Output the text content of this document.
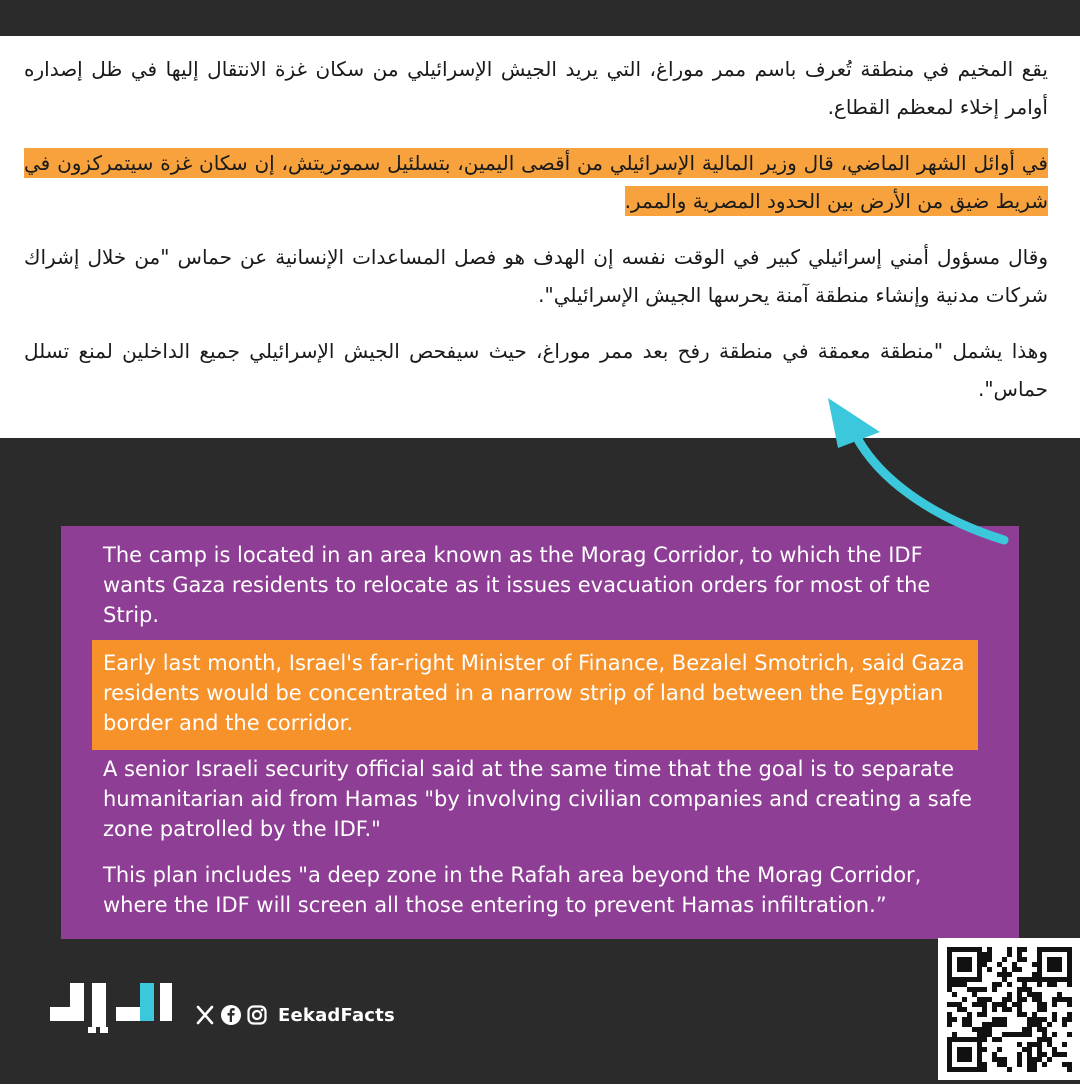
يقع المخيم في منطقة تُعرف باسم ممر موراغ، التي يريد الجيش الإسرائيلي من سكان غزة الانتقال إليها في ظل إصداره أوامر إخلاء لمعظم القطاع.

في أوائل الشهر الماضي، قال وزير المالية الإسرائيلي من أقصى اليمين، بتسلئيل سموتريتش، إن سكان غزة سيتمركزون في شريط ضيق من الأرض بين الحدود المصرية والممر.

وقال مسؤول أمني إسرائيلي كبير في الوقت نفسه إن الهدف هو فصل المساعدات الإنسانية عن حماس "من خلال إشراك شركات مدنية وإنشاء منطقة آمنة يحرسها الجيش الإسرائيلي".

وهذا يشمل "منطقة معمقة في منطقة رفح بعد ممر موراغ، حيث سيفحص الجيش الإسرائيلي جميع الداخلين لمنع تسلل حماس".

The camp is located in an area known as the Morag Corridor, to which the IDF wants Gaza residents to relocate as it issues evacuation orders for most of the Strip.

Early last month, Israel's far-right Minister of Finance, Bezalel Smotrich, said Gaza residents would be concentrated in a narrow strip of land between the Egyptian border and the corridor.

A senior Israeli security official said at the same time that the goal is to separate humanitarian aid from Hamas "by involving civilian companies and creating a safe zone patrolled by the IDF."

This plan includes "a deep zone in the Rafah area beyond the Morag Corridor, where the IDF will screen all those entering to prevent Hamas infiltration.”

EekadFacts
